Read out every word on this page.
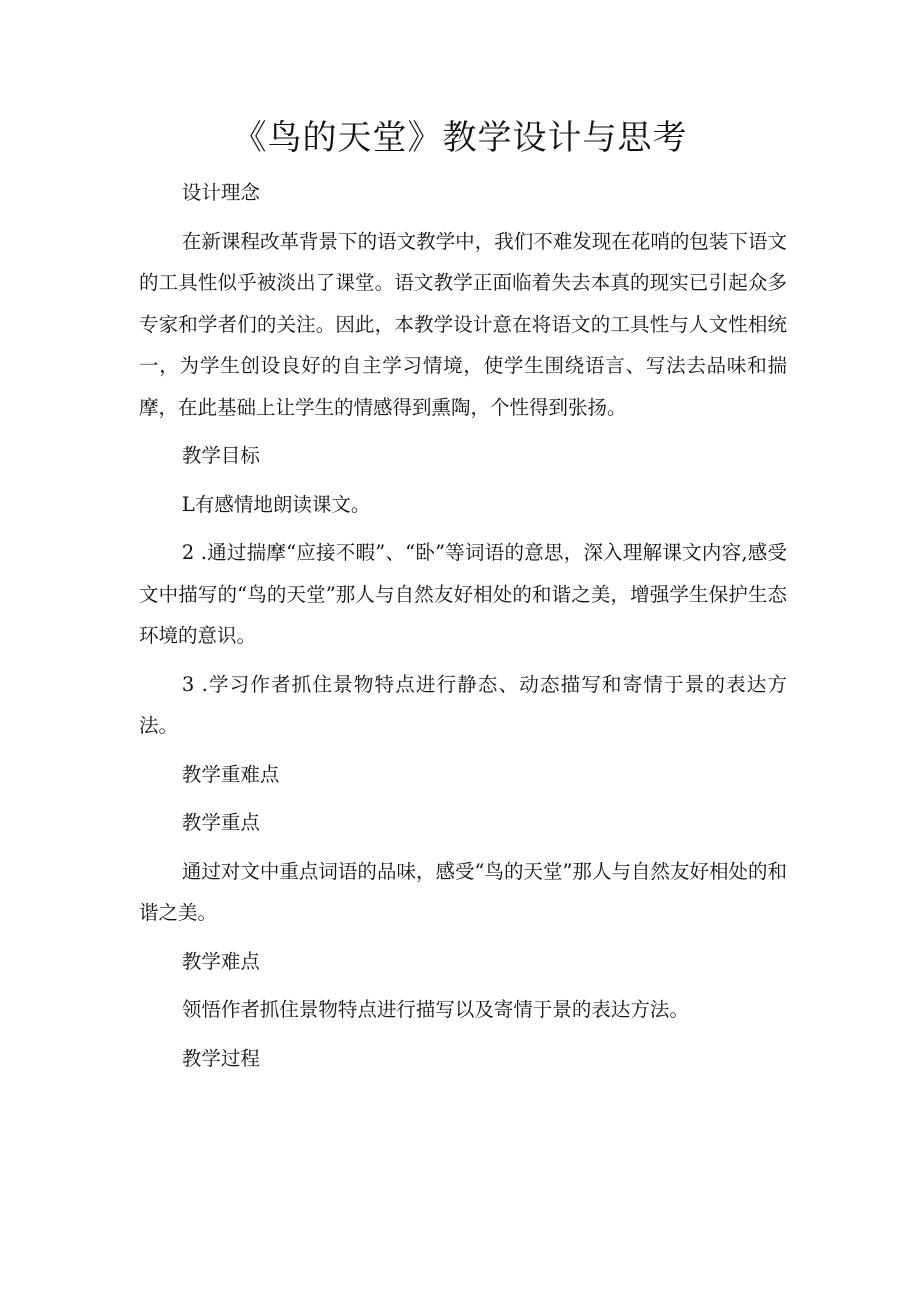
《鸟的天堂》教学设计与思考

设计理念

在新课程改革背景下的语文教学中，我们不难发现在花哨的包装下语文的工具性似乎被淡出了课堂。语文教学正面临着失去本真的现实已引起众多专家和学者们的关注。因此，本教学设计意在将语文的工具性与人文性相统一，为学生创设良好的自主学习情境，使学生围绕语言、写法去品味和揣摩，在此基础上让学生的情感得到熏陶，个性得到张扬。

教学目标

L有感情地朗读课文。

2 .通过揣摩“应接不暇”、“卧”等词语的意思，深入理解课文内容,感受文中描写的“鸟的天堂”那人与自然友好相处的和谐之美，增强学生保护生态环境的意识。

3 .学习作者抓住景物特点进行静态、动态描写和寄情于景的表达方法。

教学重难点

教学重点

通过对文中重点词语的品味，感受“鸟的天堂”那人与自然友好相处的和谐之美。

教学难点

领悟作者抓住景物特点进行描写以及寄情于景的表达方法。

教学过程
